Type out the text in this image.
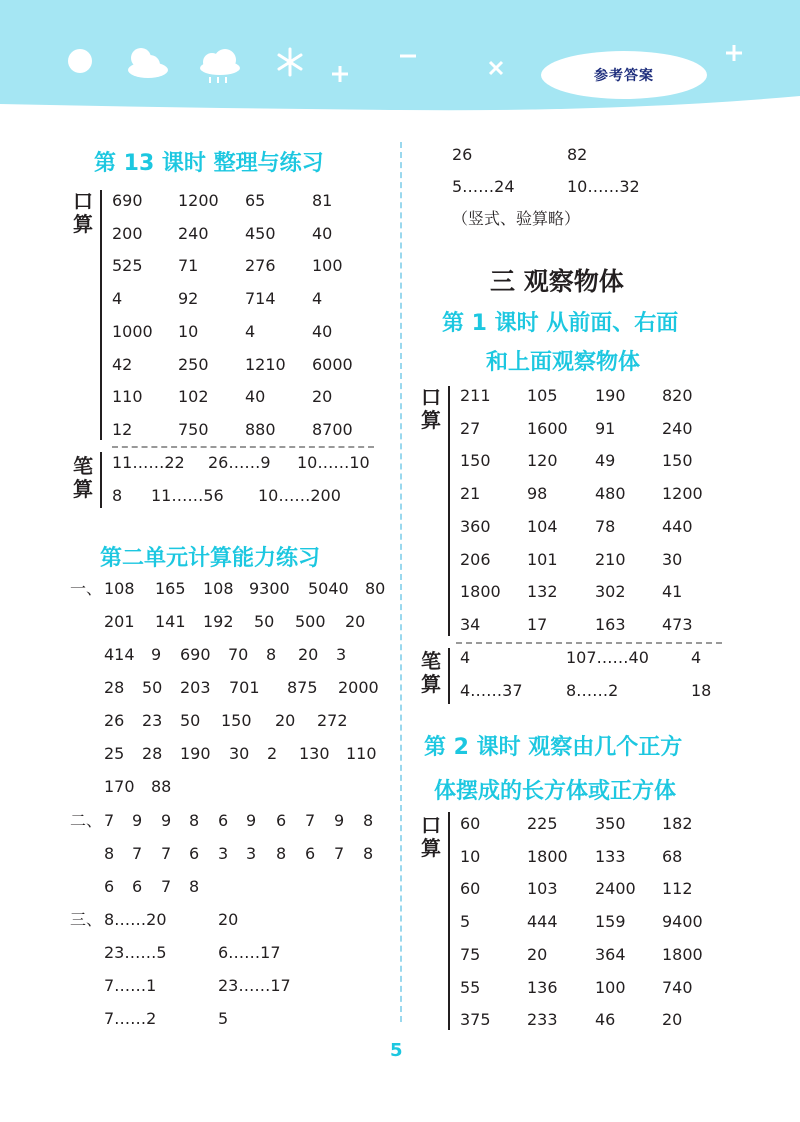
参考答案
第 13 课时 整理与练习
口算
690 1200 65	81
200 240 450 40
525 71	276 100
4	92	714 4
1000 10	4	40
42	250 1210 6000
110 102 40	20
12	750 880 8700
笔算
11……22 26……9 10……10
8 11……56 10……200
第二单元计算能力练习
一、
二、
三、
108 165 108 9300 5040 80
201 141 192 50 500 20
414 9 690 70 8 20 3
28 50 203 701 875 2000
26 23 50 150 20 272
25 28 190 30 2 130 110
170 88
7 9 9 8 6 9 6 7 9 8
8 7 7 6 3 3 8 6 7 8
6 6 7 8
8……20	20
23……5	6……17
7……1	23……17
7……2	5
26	82
5……24	10……32
（竖式、验算略）
三 观察物体
第 1 课时 从前面、右面
和上面观察物体
口算
211 105 190 820
27	1600 91	240
150 120 49	150
21	98	480 1200
360 104 78	440
206 101 210 30
1800 132 302 41
34	17	163 473
笔算
4	107……40	4
4……37	8……2	18
第 2 课时 观察由几个正方
体摆成的长方体或正方体
口算
60	225 350 182
10	1800 133 68
60	103 2400 112
5	444 159 9400
75	20	364 1800
55	136 100 740
375 233 46	20
5
